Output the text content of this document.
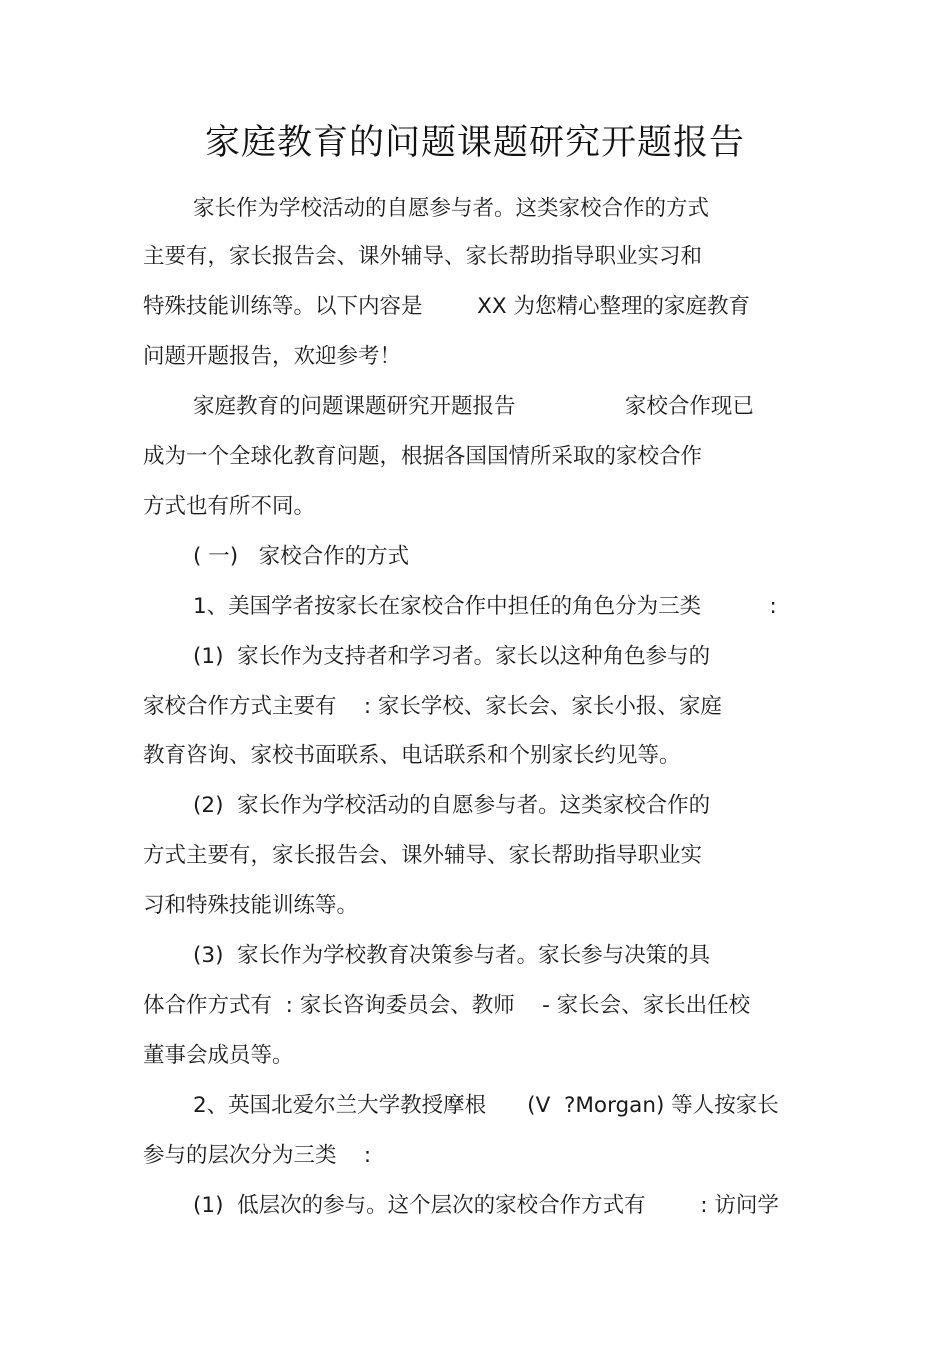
家庭教育的问题课题研究开题报告
家长作为学校活动的自愿参与者。这类家校合作的方式
主要有，家长报告会、课外辅导、家长帮助指导职业实习和
特殊技能训练等。以下内容是        XX 为您精心整理的家庭教育
问题开题报告，欢迎参考！
家庭教育的问题课题研究开题报告                家校合作现已
成为一个全球化教育问题，根据各国国情所采取的家校合作
方式也有所不同。
( 一)   家校合作的方式
1、美国学者按家长在家校合作中担任的角色分为三类          :
(1)  家长作为支持者和学习者。家长以这种角色参与的
家校合作方式主要有    : 家长学校、家长会、家长小报、家庭
教育咨询、家校书面联系、电话联系和个别家长约见等。
(2)  家长作为学校活动的自愿参与者。这类家校合作的
方式主要有，家长报告会、课外辅导、家长帮助指导职业实
习和特殊技能训练等。
(3)  家长作为学校教育决策参与者。家长参与决策的具
体合作方式有  : 家长咨询委员会、教师    - 家长会、家长出任校
董事会成员等。
2、英国北爱尔兰大学教授摩根      (V  ?Morgan) 等人按家长
参与的层次分为三类    :
(1)  低层次的参与。这个层次的家校合作方式有        : 访问学
